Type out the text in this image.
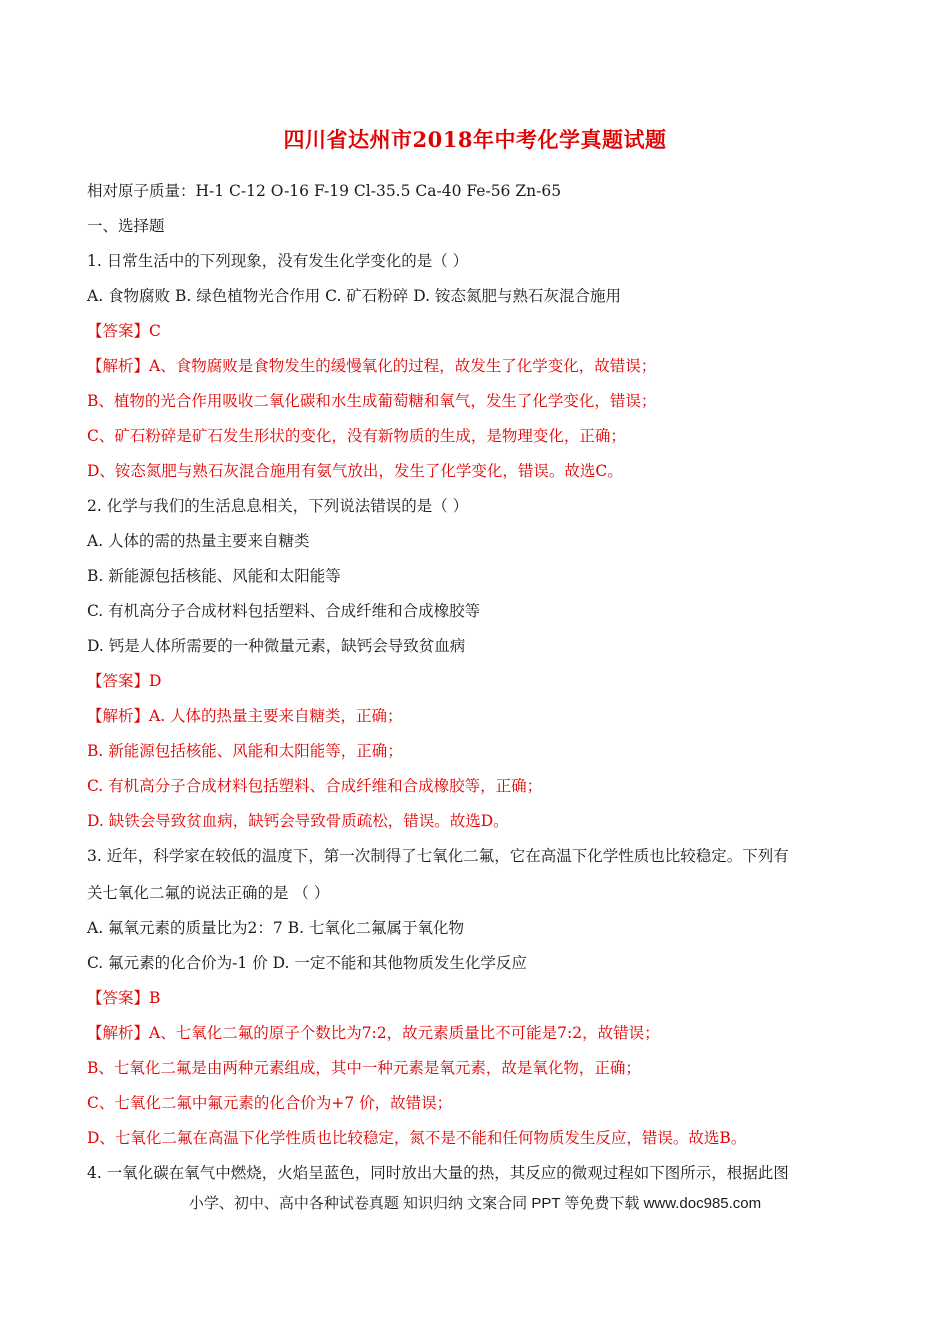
四川省达州市2018年中考化学真题试题
相对原子质量：H-1 C-12 O-16 F-19 Cl-35.5 Ca-40 Fe-56 Zn-65
一、选择题
1. 日常生活中的下列现象，没有发生化学变化的是（ ）
A. 食物腐败 B. 绿色植物光合作用 C. 矿石粉碎 D. 铵态氮肥与熟石灰混合施用
【答案】C
【解析】A、食物腐败是食物发生的缓慢氧化的过程，故发生了化学变化，故错误；
B、植物的光合作用吸收二氧化碳和水生成葡萄糖和氧气，发生了化学变化，错误；
C、矿石粉碎是矿石发生形状的变化，没有新物质的生成，是物理变化，正确；
D、铵态氮肥与熟石灰混合施用有氨气放出，发生了化学变化，错误。故选C。
2. 化学与我们的生活息息相关，下列说法错误的是（ ）
A. 人体的需的热量主要来自糖类
B. 新能源包括核能、风能和太阳能等
C. 有机高分子合成材料包括塑料、合成纤维和合成橡胶等
D. 钙是人体所需要的一种微量元素，缺钙会导致贫血病
【答案】D
【解析】A. 人体的热量主要来自糖类，正确；
B. 新能源包括核能、风能和太阳能等，正确；
C. 有机高分子合成材料包括塑料、合成纤维和合成橡胶等，正确；
D. 缺铁会导致贫血病，缺钙会导致骨质疏松，错误。故选D。
3. 近年，科学家在较低的温度下，第一次制得了七氧化二氟，它在高温下化学性质也比较稳定。下列有
关七氧化二氟的说法正确的是 （ ）
A. 氟氧元素的质量比为2：7 B. 七氧化二氟属于氧化物
C. 氟元素的化合价为-1 价 D. 一定不能和其他物质发生化学反应
【答案】B
【解析】A、七氧化二氟的原子个数比为7:2，故元素质量比不可能是7:2，故错误；
B、七氧化二氟是由两种元素组成，其中一种元素是氧元素，故是氧化物，正确；
C、七氧化二氟中氟元素的化合价为+7 价，故错误；
D、七氧化二氟在高温下化学性质也比较稳定，氮不是不能和任何物质发生反应，错误。故选B。
4. 一氧化碳在氧气中燃烧，火焰呈蓝色，同时放出大量的热，其反应的微观过程如下图所示，根据此图
小学、初中、高中各种试卷真题 知识归纳 文案合同 PPT 等免费下载 www.doc985.com
